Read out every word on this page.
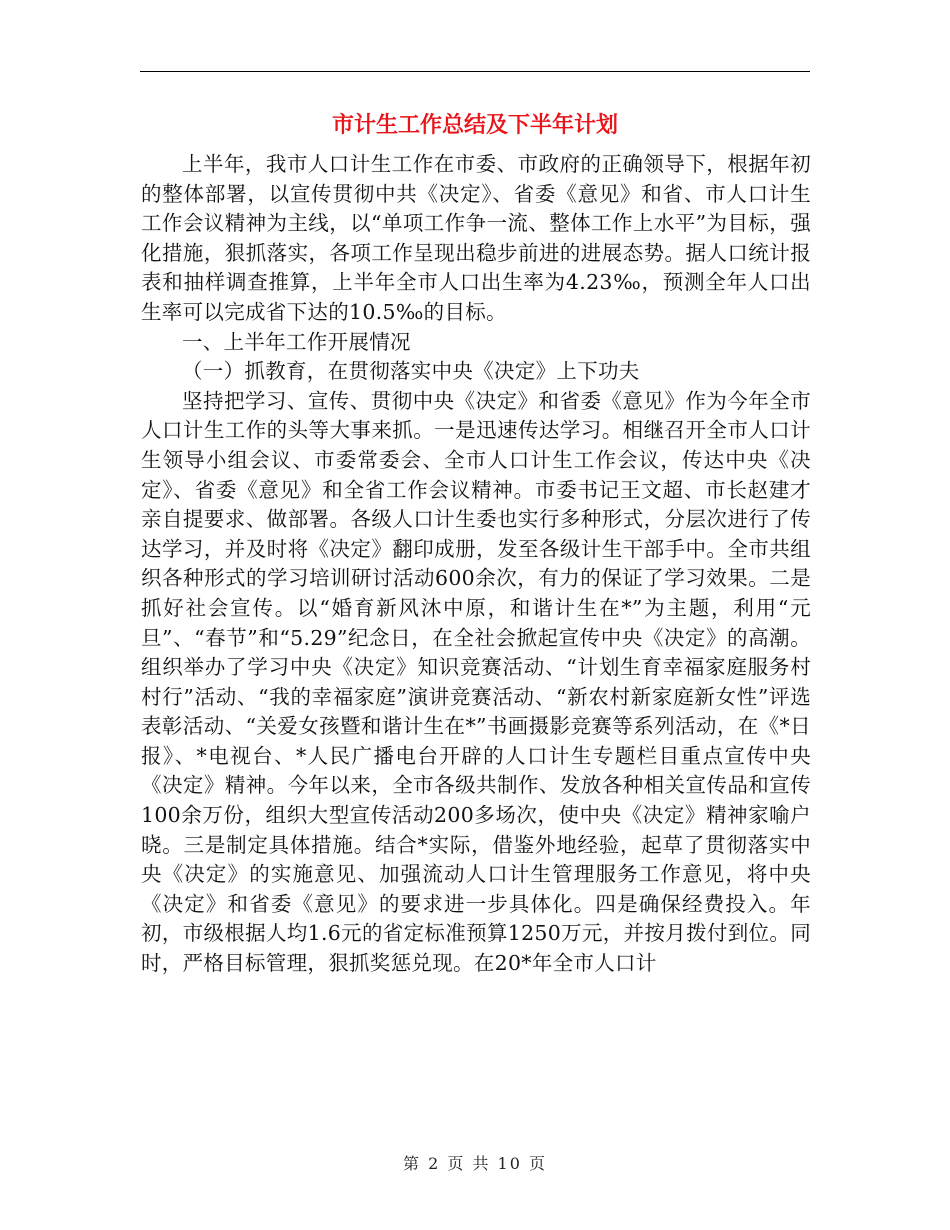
市计生工作总结及下半年计划

上半年，我市人口计生工作在市委、市政府的正确领导下，根据年初的整体部署，以宣传贯彻中共《决定》、省委《意见》和省、市人口计生工作会议精神为主线，以“单项工作争一流、整体工作上水平”为目标，强化措施，狠抓落实，各项工作呈现出稳步前进的进展态势。据人口统计报表和抽样调查推算，上半年全市人口出生率为4.23‰，预测全年人口出生率可以完成省下达的10.5‰的目标。

一、上半年工作开展情况

（一）抓教育，在贯彻落实中央《决定》上下功夫

坚持把学习、宣传、贯彻中央《决定》和省委《意见》作为今年全市人口计生工作的头等大事来抓。一是迅速传达学习。相继召开全市人口计生领导小组会议、市委常委会、全市人口计生工作会议，传达中央《决定》、省委《意见》和全省工作会议精神。市委书记王文超、市长赵建才亲自提要求、做部署。各级人口计生委也实行多种形式，分层次进行了传达学习，并及时将《决定》翻印成册，发至各级计生干部手中。全市共组织各种形式的学习培训研讨活动600余次，有力的保证了学习效果。二是抓好社会宣传。以“婚育新风沐中原，和谐计生在*”为主题，利用“元旦”、“春节”和“5.29”纪念日，在全社会掀起宣传中央《决定》的高潮。组织举办了学习中央《决定》知识竞赛活动、“计划生育幸福家庭服务村村行”活动、“我的幸福家庭”演讲竞赛活动、“新农村新家庭新女性”评选表彰活动、“关爱女孩暨和谐计生在*”书画摄影竞赛等系列活动，在《*日报》、*电视台、*人民广播电台开辟的人口计生专题栏目重点宣传中央《决定》精神。今年以来，全市各级共制作、发放各种相关宣传品和宣传100余万份，组织大型宣传活动200多场次，使中央《决定》精神家喻户晓。三是制定具体措施。结合*实际，借鉴外地经验，起草了贯彻落实中央《决定》的实施意见、加强流动人口计生管理服务工作意见，将中央《决定》和省委《意见》的要求进一步具体化。四是确保经费投入。年初，市级根据人均1.6元的省定标准预算1250万元，并按月拨付到位。同时，严格目标管理，狠抓奖惩兑现。在20*年全市人口计

第 2 页 共 10 页
